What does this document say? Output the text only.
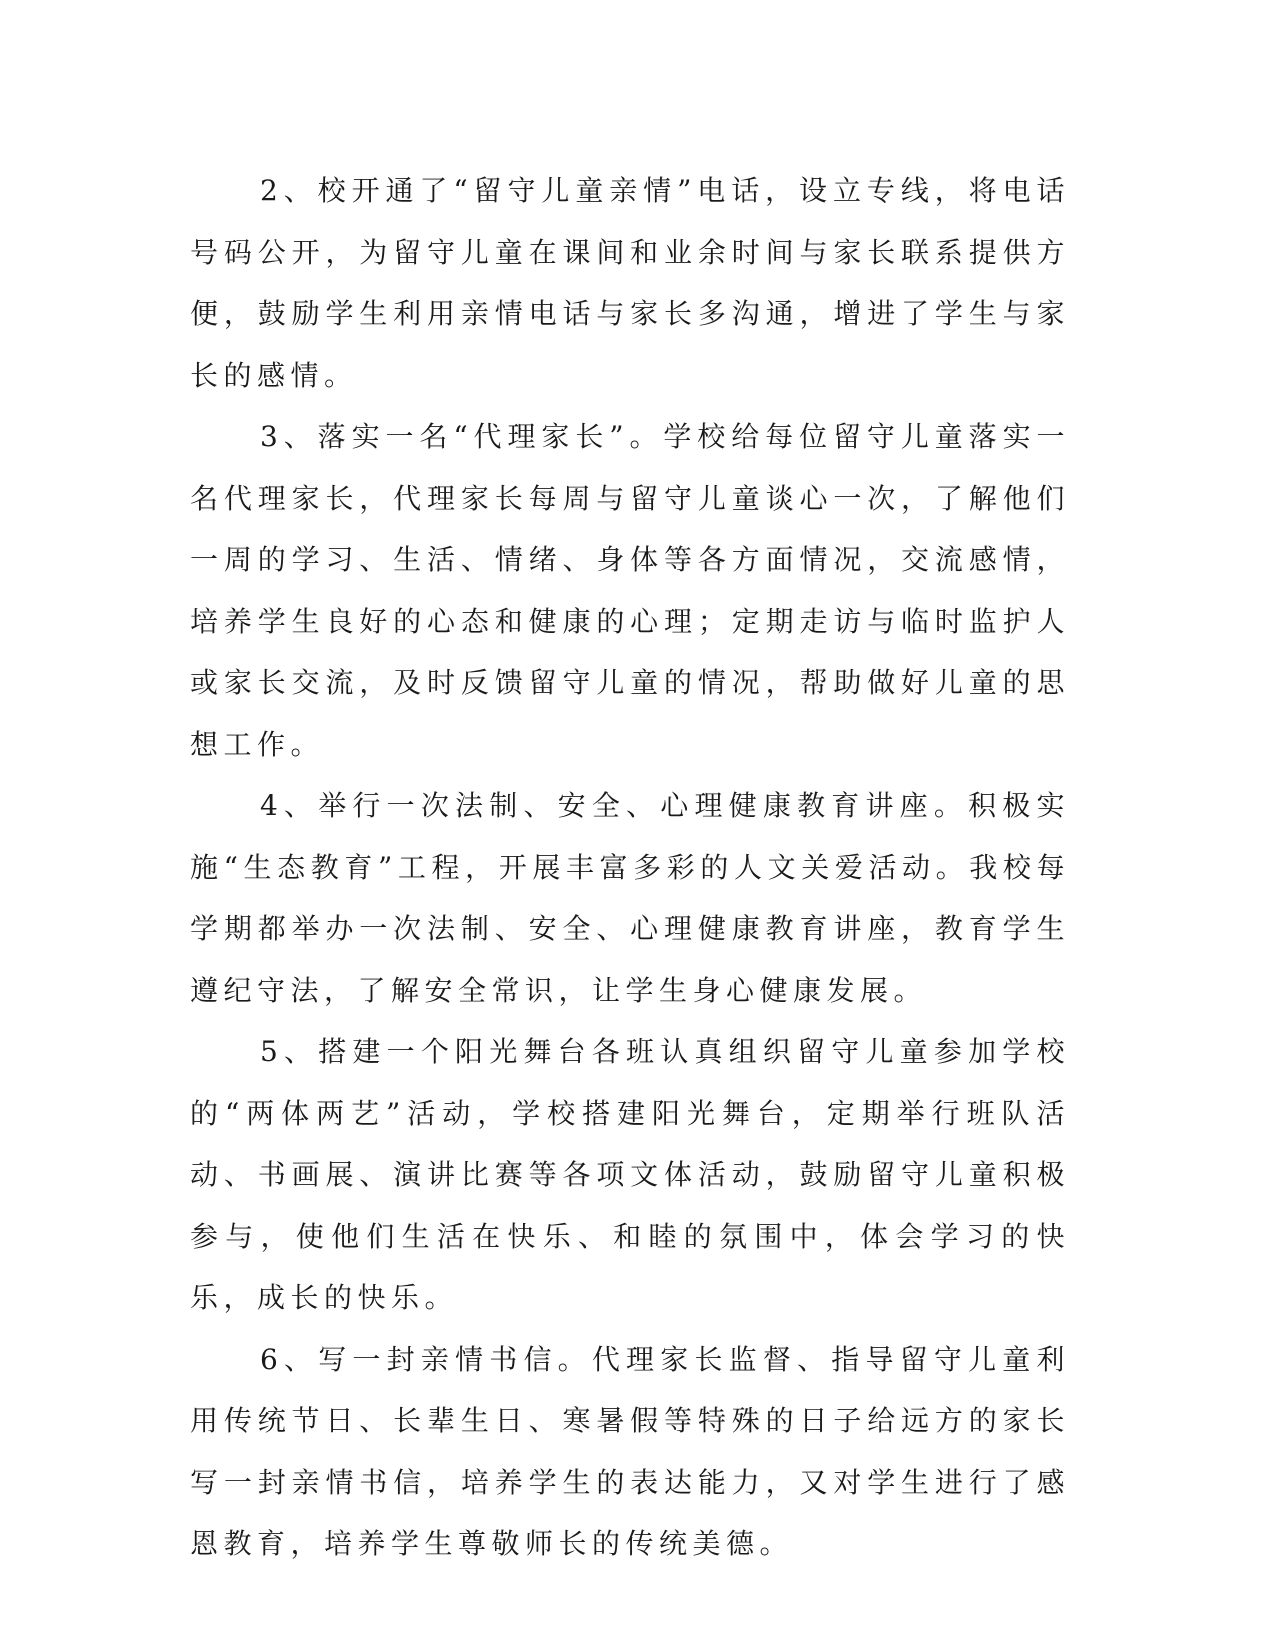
2、校开通了“留守儿童亲情”电话，设立专线，将电话号码公开，为留守儿童在课间和业余时间与家长联系提供方便，鼓励学生利用亲情电话与家长多沟通，增进了学生与家长的感情。

3、落实一名“代理家长”。学校给每位留守儿童落实一名代理家长，代理家长每周与留守儿童谈心一次，了解他们一周的学习、生活、情绪、身体等各方面情况，交流感情，培养学生良好的心态和健康的心理；定期走访与临时监护人或家长交流，及时反馈留守儿童的情况，帮助做好儿童的思想工作。

4、举行一次法制、安全、心理健康教育讲座。积极实施“生态教育”工程，开展丰富多彩的人文关爱活动。我校每学期都举办一次法制、安全、心理健康教育讲座，教育学生遵纪守法，了解安全常识，让学生身心健康发展。

5、搭建一个阳光舞台各班认真组织留守儿童参加学校的“两体两艺”活动，学校搭建阳光舞台，定期举行班队活动、书画展、演讲比赛等各项文体活动，鼓励留守儿童积极参与，使他们生活在快乐、和睦的氛围中，体会学习的快乐，成长的快乐。

6、写一封亲情书信。代理家长监督、指导留守儿童利用传统节日、长辈生日、寒暑假等特殊的日子给远方的家长写一封亲情书信，培养学生的表达能力，又对学生进行了感恩教育，培养学生尊敬师长的传统美德。
